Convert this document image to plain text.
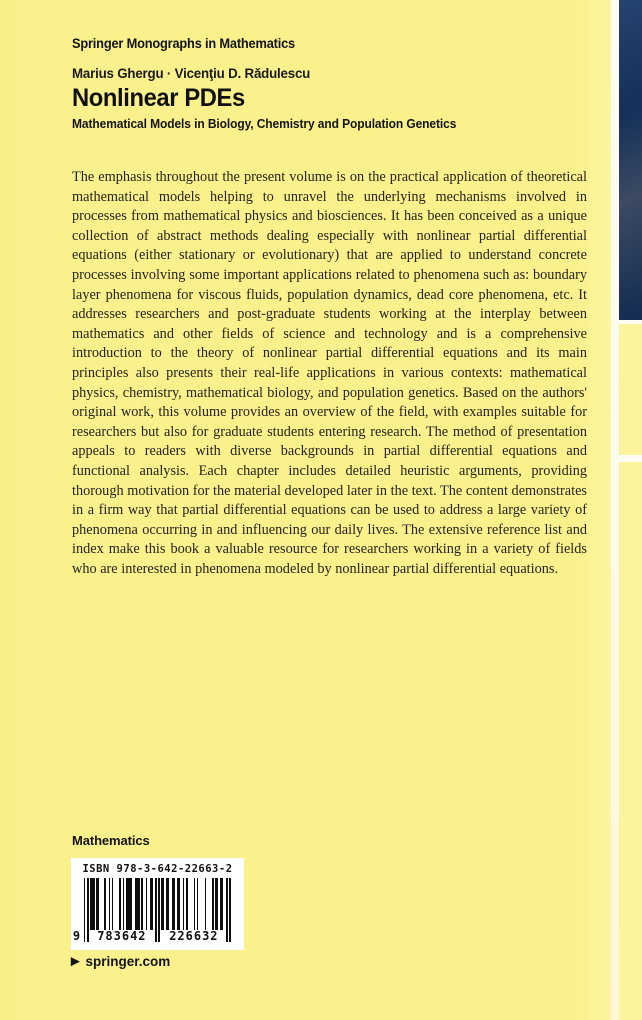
Springer Monographs in Mathematics
Marius Ghergu · Vicenţiu D. Rădulescu
Nonlinear PDEs
Mathematical Models in Biology, Chemistry and Population Genetics

The emphasis throughout the present volume is on the practical application of theoretical mathematical models helping to unravel the underlying mechanisms involved in processes from mathematical physics and biosciences. It has been conceived as a unique collection of abstract methods dealing especially with nonlinear partial differential equations (either stationary or evolutionary) that are applied to understand concrete processes involving some important applications related to phenomena such as: boundary layer phenomena for viscous fluids, population dynamics, dead core phenomena, etc. It addresses researchers and post-graduate students working at the interplay between mathematics and other fields of science and technology and is a comprehensive introduction to the theory of nonlinear partial differential equations and its main principles also presents their real-life applications in various contexts: mathematical physics, chemistry, mathematical biology, and population genetics. Based on the authors' original work, this volume provides an overview of the field, with examples suitable for researchers but also for graduate students entering research. The method of presentation appeals to readers with diverse backgrounds in partial differential equations and functional analysis. Each chapter includes detailed heuristic arguments, providing thorough motivation for the material developed later in the text. The content demonstrates in a firm way that partial differential equations can be used to address a large variety of phenomena occurring in and influencing our daily lives. The extensive reference list and index make this book a valuable resource for researchers working in a variety of fields who are interested in phenomena modeled by nonlinear partial differential equations.

Mathematics
ISBN 978-3-642-22663-2
9	783642	226632
▶ springer.com
